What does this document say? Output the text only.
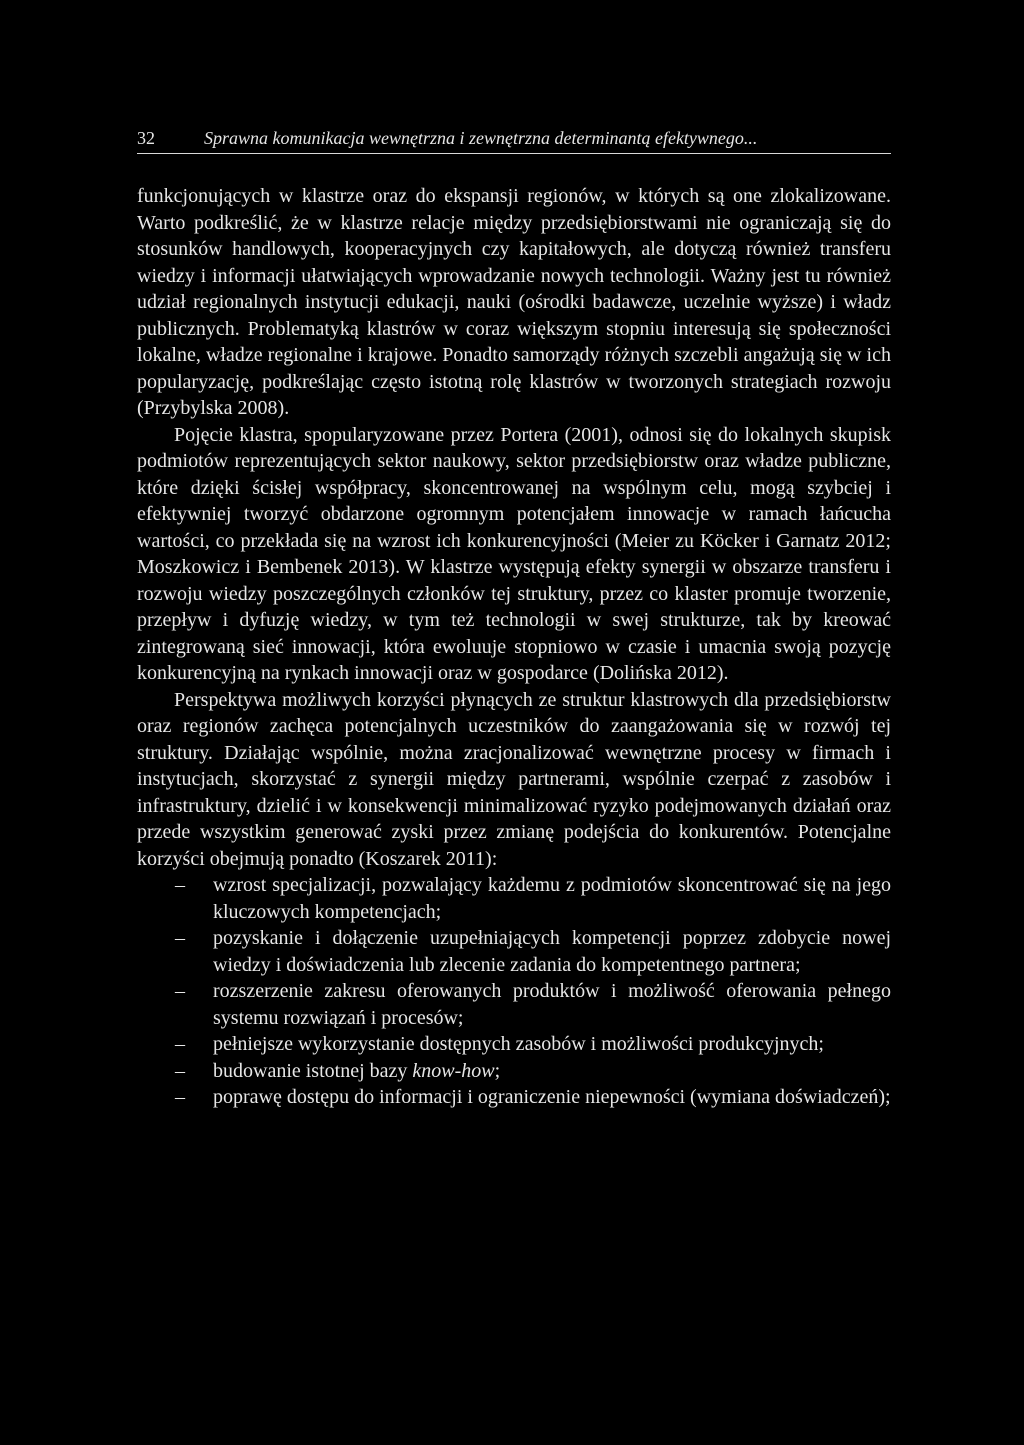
32	Sprawna komunikacja wewnętrzna i zewnętrzna determinantą efektywnego...

funkcjonujących w klastrze oraz do ekspansji regionów, w których są one zlokalizowane. Warto podkreślić, że w klastrze relacje między przedsiębiorstwami nie ograniczają się do stosunków handlowych, kooperacyjnych czy kapitałowych, ale dotyczą również transferu wiedzy i informacji ułatwiających wprowadzanie nowych technologii. Ważny jest tu również udział regionalnych instytucji edukacji, nauki (ośrodki badawcze, uczelnie wyższe) i władz publicznych. Problematyką klastrów w coraz większym stopniu interesują się społeczności lokalne, władze regionalne i krajowe. Ponadto samorządy różnych szczebli angażują się w ich popularyzację, podkreślając często istotną rolę klastrów w tworzonych strategiach rozwoju (Przybylska 2008).

Pojęcie klastra, spopularyzowane przez Portera (2001), odnosi się do lokalnych skupisk podmiotów reprezentujących sektor naukowy, sektor przedsiębiorstw oraz władze publiczne, które dzięki ścisłej współpracy, skoncentrowanej na wspólnym celu, mogą szybciej i efektywniej tworzyć obdarzone ogromnym potencjałem innowacje w ramach łańcucha wartości, co przekłada się na wzrost ich konkurencyjności (Meier zu Köcker i Garnatz 2012; Moszkowicz i Bembenek 2013). W klastrze występują efekty synergii w obszarze transferu i rozwoju wiedzy poszczególnych członków tej struktury, przez co klaster promuje tworzenie, przepływ i dyfuzję wiedzy, w tym też technologii w swej strukturze, tak by kreować zintegrowaną sieć innowacji, która ewoluuje stopniowo w czasie i umacnia swoją pozycję konkurencyjną na rynkach innowacji oraz w gospodarce (Dolińska 2012).

Perspektywa możliwych korzyści płynących ze struktur klastrowych dla przedsiębiorstw oraz regionów zachęca potencjalnych uczestników do zaangażowania się w rozwój tej struktury. Działając wspólnie, można zracjonalizować wewnętrzne procesy w firmach i instytucjach, skorzystać z synergii między partnerami, wspólnie czerpać z zasobów i infrastruktury, dzielić i w konsekwencji minimalizować ryzyko podejmowanych działań oraz przede wszystkim generować zyski przez zmianę podejścia do konkurentów. Potencjalne korzyści obejmują ponadto (Koszarek 2011):

– wzrost specjalizacji, pozwalający każdemu z podmiotów skoncentrować się na jego kluczowych kompetencjach;
– pozyskanie i dołączenie uzupełniających kompetencji poprzez zdobycie nowej wiedzy i doświadczenia lub zlecenie zadania do kompetentnego partnera;
– rozszerzenie zakresu oferowanych produktów i możliwość oferowania pełnego systemu rozwiązań i procesów;
– pełniejsze wykorzystanie dostępnych zasobów i możliwości produkcyjnych;
– budowanie istotnej bazy know-how;
– poprawę dostępu do informacji i ograniczenie niepewności (wymiana doświadczeń);
